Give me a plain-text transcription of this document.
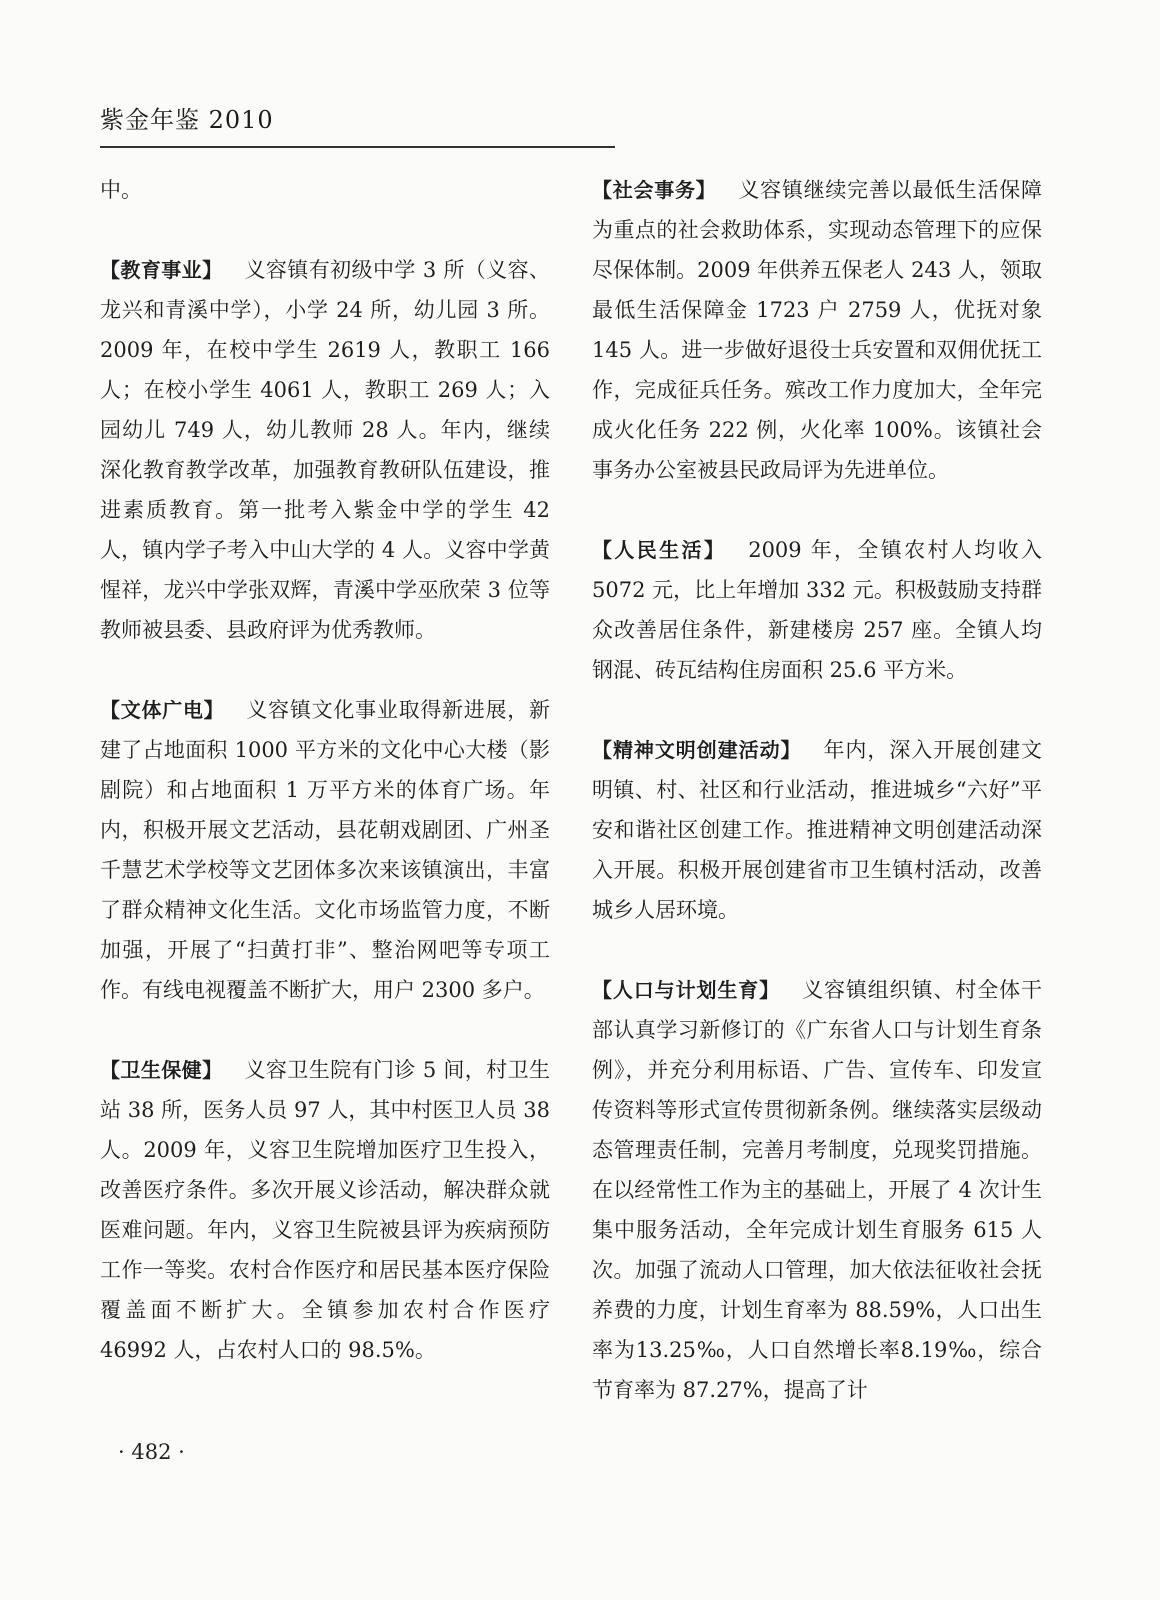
紫金年鉴 2010

中。

【教育事业】 义容镇有初级中学 3 所（义容、龙兴和青溪中学），小学 24 所，幼儿园 3 所。2009 年，在校中学生 2619 人，教职工 166 人；在校小学生 4061 人，教职工 269 人；入园幼儿 749 人，幼儿教师 28 人。年内，继续深化教育教学改革，加强教育教研队伍建设，推进素质教育。第一批考入紫金中学的学生 42 人，镇内学子考入中山大学的 4 人。义容中学黄惺祥，龙兴中学张双辉，青溪中学巫欣荣 3 位等教师被县委、县政府评为优秀教师。

【文体广电】 义容镇文化事业取得新进展，新建了占地面积 1000 平方米的文化中心大楼（影剧院）和占地面积 1 万平方米的体育广场。年内，积极开展文艺活动，县花朝戏剧团、广州圣千慧艺术学校等文艺团体多次来该镇演出，丰富了群众精神文化生活。文化市场监管力度，不断加强，开展了“扫黄打非”、整治网吧等专项工作。有线电视覆盖不断扩大，用户 2300 多户。

【卫生保健】 义容卫生院有门诊 5 间，村卫生站 38 所，医务人员 97 人，其中村医卫人员 38 人。2009 年，义容卫生院增加医疗卫生投入，改善医疗条件。多次开展义诊活动，解决群众就医难问题。年内，义容卫生院被县评为疾病预防工作一等奖。农村合作医疗和居民基本医疗保险覆盖面不断扩大。全镇参加农村合作医疗 46992 人，占农村人口的 98.5%。

【社会事务】 义容镇继续完善以最低生活保障为重点的社会救助体系，实现动态管理下的应保尽保体制。2009 年供养五保老人 243 人，领取最低生活保障金 1723 户 2759 人，优抚对象 145 人。进一步做好退役士兵安置和双佣优抚工作，完成征兵任务。殡改工作力度加大，全年完成火化任务 222 例，火化率 100%。该镇社会事务办公室被县民政局评为先进单位。

【人民生活】 2009 年，全镇农村人均收入 5072 元，比上年增加 332 元。积极鼓励支持群众改善居住条件，新建楼房 257 座。全镇人均钢混、砖瓦结构住房面积 25.6 平方米。

【精神文明创建活动】 年内，深入开展创建文明镇、村、社区和行业活动，推进城乡“六好”平安和谐社区创建工作。推进精神文明创建活动深入开展。积极开展创建省市卫生镇村活动，改善城乡人居环境。

【人口与计划生育】 义容镇组织镇、村全体干部认真学习新修订的《广东省人口与计划生育条例》，并充分利用标语、广告、宣传车、印发宣传资料等形式宣传贯彻新条例。继续落实层级动态管理责任制，完善月考制度，兑现奖罚措施。在以经常性工作为主的基础上，开展了 4 次计生集中服务活动，全年完成计划生育服务 615 人次。加强了流动人口管理，加大依法征收社会抚养费的力度，计划生育率为 88.59%，人口出生率为13.25‰，人口自然增长率8.19‰，综合节育率为 87.27%，提高了计

· 482 ·
